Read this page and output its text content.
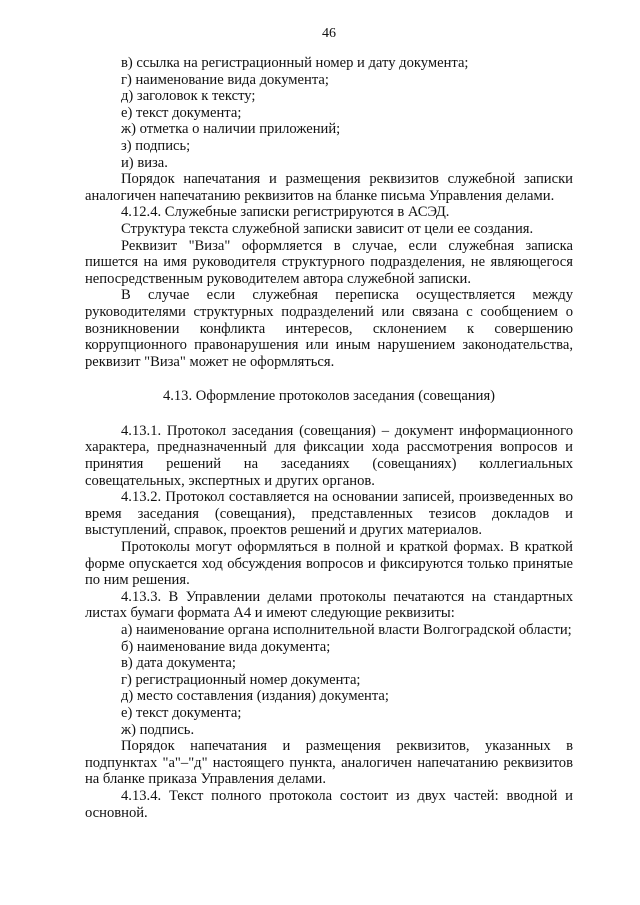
46
в) ссылка на регистрационный номер и дату документа;
г) наименование вида документа;
д) заголовок к тексту;
е) текст документа;
ж) отметка о наличии приложений;
з) подпись;
и) виза.
Порядок напечатания и размещения реквизитов служебной записки аналогичен напечатанию реквизитов на бланке письма Управления делами.
4.12.4. Служебные записки регистрируются в АСЭД.
Структура текста служебной записки зависит от цели ее создания.
Реквизит "Виза" оформляется в случае, если служебная записка пишется на имя руководителя структурного подразделения, не являющегося непосредственным руководителем автора служебной записки.
В случае если служебная переписка осуществляется между руководителями структурных подразделений или связана с сообщением о возникновении конфликта интересов, склонением к совершению коррупционного правонарушения или иным нарушением законодательства, реквизит "Виза" может не оформляться.
4.13. Оформление протоколов заседания (совещания)
4.13.1. Протокол заседания (совещания) – документ информационного характера, предназначенный для фиксации хода рассмотрения вопросов и принятия решений на заседаниях (совещаниях) коллегиальных совещательных, экспертных и других органов.
4.13.2. Протокол составляется на основании записей, произведенных во время заседания (совещания), представленных тезисов докладов и выступлений, справок, проектов решений и других материалов.
Протоколы могут оформляться в полной и краткой формах. В краткой форме опускается ход обсуждения вопросов и фиксируются только принятые по ним решения.
4.13.3. В Управлении делами протоколы печатаются на стандартных листах бумаги формата А4 и имеют следующие реквизиты:
а) наименование органа исполнительной власти Волгоградской области;
б) наименование вида документа;
в) дата документа;
г) регистрационный номер документа;
д) место составления (издания) документа;
е) текст документа;
ж) подпись.
Порядок напечатания и размещения реквизитов, указанных в подпунктах "а"–"д" настоящего пункта, аналогичен напечатанию реквизитов на бланке приказа Управления делами.
4.13.4. Текст полного протокола состоит из двух частей: вводной и основной.
